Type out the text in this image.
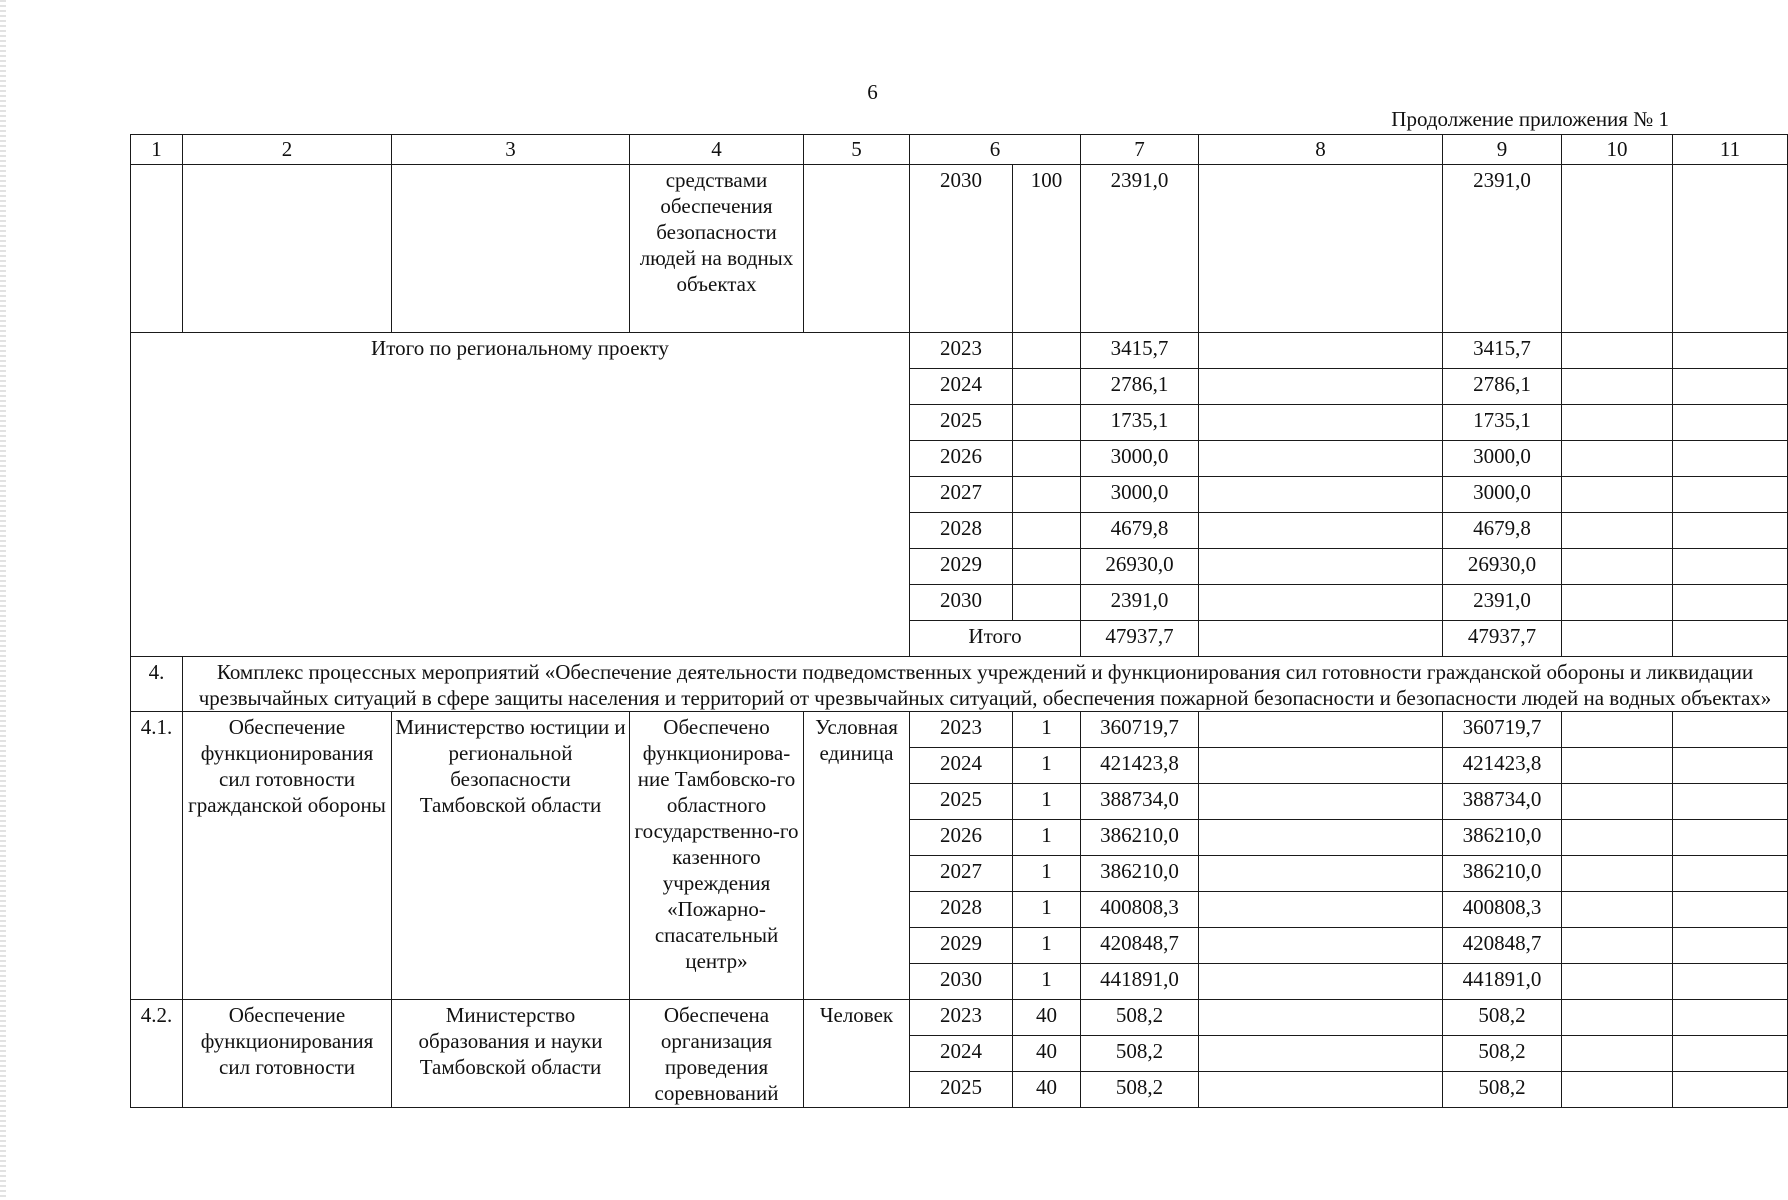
6
Продолжение приложения № 1
1	2	3	4	5	6		7	8	9	10	11
			средствами обеспечения безопасности людей на водных объектах		2030	100	2391,0		2391,0		
Итого по региональному проекту					2023		3415,7		3415,7		
					2024		2786,1		2786,1		
					2025		1735,1		1735,1		
					2026		3000,0		3000,0		
					2027		3000,0		3000,0		
					2028		4679,8		4679,8		
					2029		26930,0		26930,0		
					2030		2391,0		2391,0		
					Итого		47937,7		47937,7		
4.	Комплекс процессных мероприятий «Обеспечение деятельности подведомственных учреждений и функционирования сил готовности гражданской обороны и ликвидации чрезвычайных ситуаций в сфере защиты населения и территорий от чрезвычайных ситуаций, обеспечения пожарной безопасности и безопасности людей на водных объектах»										
4.1.	Обеспечение функционирования сил готовности гражданской обороны	Министерство юстиции и региональной безопасности Тамбовской области	Обеспечено функционирова-ние Тамбовско-го областного государственно-го казенного учреждения «Пожарно-спасательный центр»	Условная единица	2023	1	360719,7		360719,7		
					2024	1	421423,8		421423,8		
					2025	1	388734,0		388734,0		
					2026	1	386210,0		386210,0		
					2027	1	386210,0		386210,0		
					2028	1	400808,3		400808,3		
					2029	1	420848,7		420848,7		
					2030	1	441891,0		441891,0		
4.2.	Обеспечение функционирования сил готовности	Министерство образования и науки Тамбовской области	Обеспечена организация проведения соревнований	Человек	2023	40	508,2		508,2		
					2024	40	508,2		508,2		
					2025	40	508,2		508,2		
